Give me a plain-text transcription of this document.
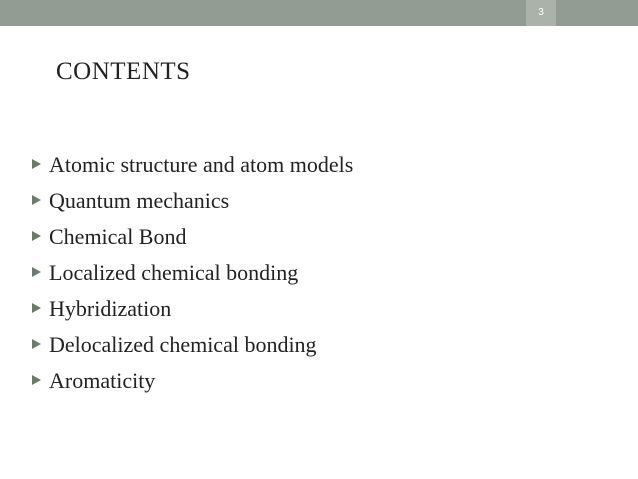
3
CONTENTS
Atomic structure and atom models
Quantum mechanics
Chemical Bond
Localized chemical bonding
Hybridization
Delocalized chemical bonding
Aromaticity
